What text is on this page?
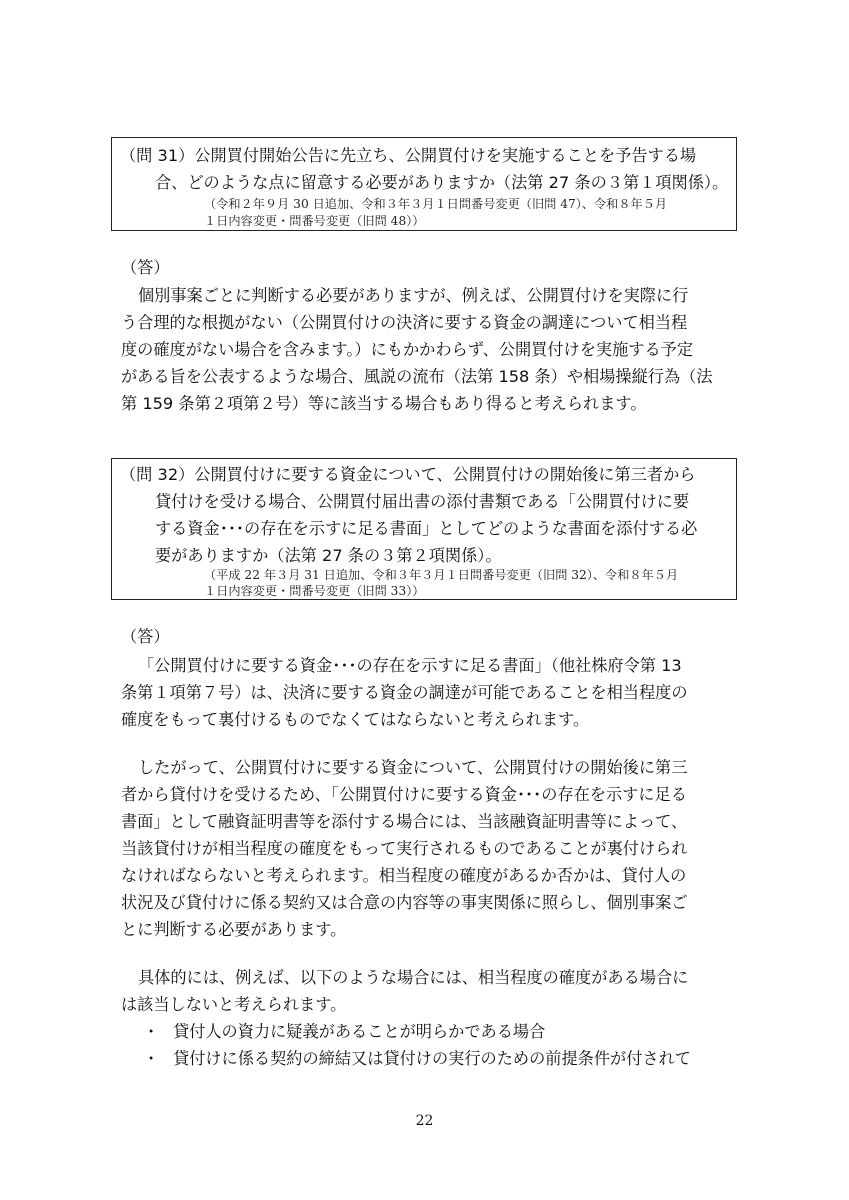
（問 31）公開買付開始公告に先立ち、公開買付けを実施することを予告する場
合、どのような点に留意する必要がありますか（法第 27 条の３第１項関係）。
（令和２年９月 30 日追加、令和３年３月１日問番号変更（旧問 47）、令和８年５月
１日内容変更・問番号変更（旧問 48））
（答）
個別事案ごとに判断する必要がありますが、例えば、公開買付けを実際に行
う合理的な根拠がない（公開買付けの決済に要する資金の調達について相当程
度の確度がない場合を含みます。）にもかかわらず、公開買付けを実施する予定
がある旨を公表するような場合、風説の流布（法第 158 条）や相場操縦行為（法
第 159 条第２項第２号）等に該当する場合もあり得ると考えられます。
（問 32）公開買付けに要する資金について、公開買付けの開始後に第三者から
貸付けを受ける場合、公開買付届出書の添付書類である「公開買付けに要
する資金･･･の存在を示すに足る書面」としてどのような書面を添付する必
要がありますか（法第 27 条の３第２項関係）。
（平成 22 年３月 31 日追加、令和３年３月１日問番号変更（旧問 32）、令和８年５月
１日内容変更・問番号変更（旧問 33））
（答）
「公開買付けに要する資金･･･の存在を示すに足る書面」（他社株府令第 13
条第１項第７号）は、決済に要する資金の調達が可能であることを相当程度の
確度をもって裏付けるものでなくてはならないと考えられます。
したがって、公開買付けに要する資金について、公開買付けの開始後に第三
者から貸付けを受けるため、「公開買付けに要する資金･･･の存在を示すに足る
書面」として融資証明書等を添付する場合には、当該融資証明書等によって、
当該貸付けが相当程度の確度をもって実行されるものであることが裏付けられ
なければならないと考えられます。相当程度の確度があるか否かは、貸付人の
状況及び貸付けに係る契約又は合意の内容等の事実関係に照らし、個別事案ご
とに判断する必要があります。
具体的には、例えば、以下のような場合には、相当程度の確度がある場合に
は該当しないと考えられます。
・ 貸付人の資力に疑義があることが明らかである場合
・ 貸付けに係る契約の締結又は貸付けの実行のための前提条件が付されて
22
